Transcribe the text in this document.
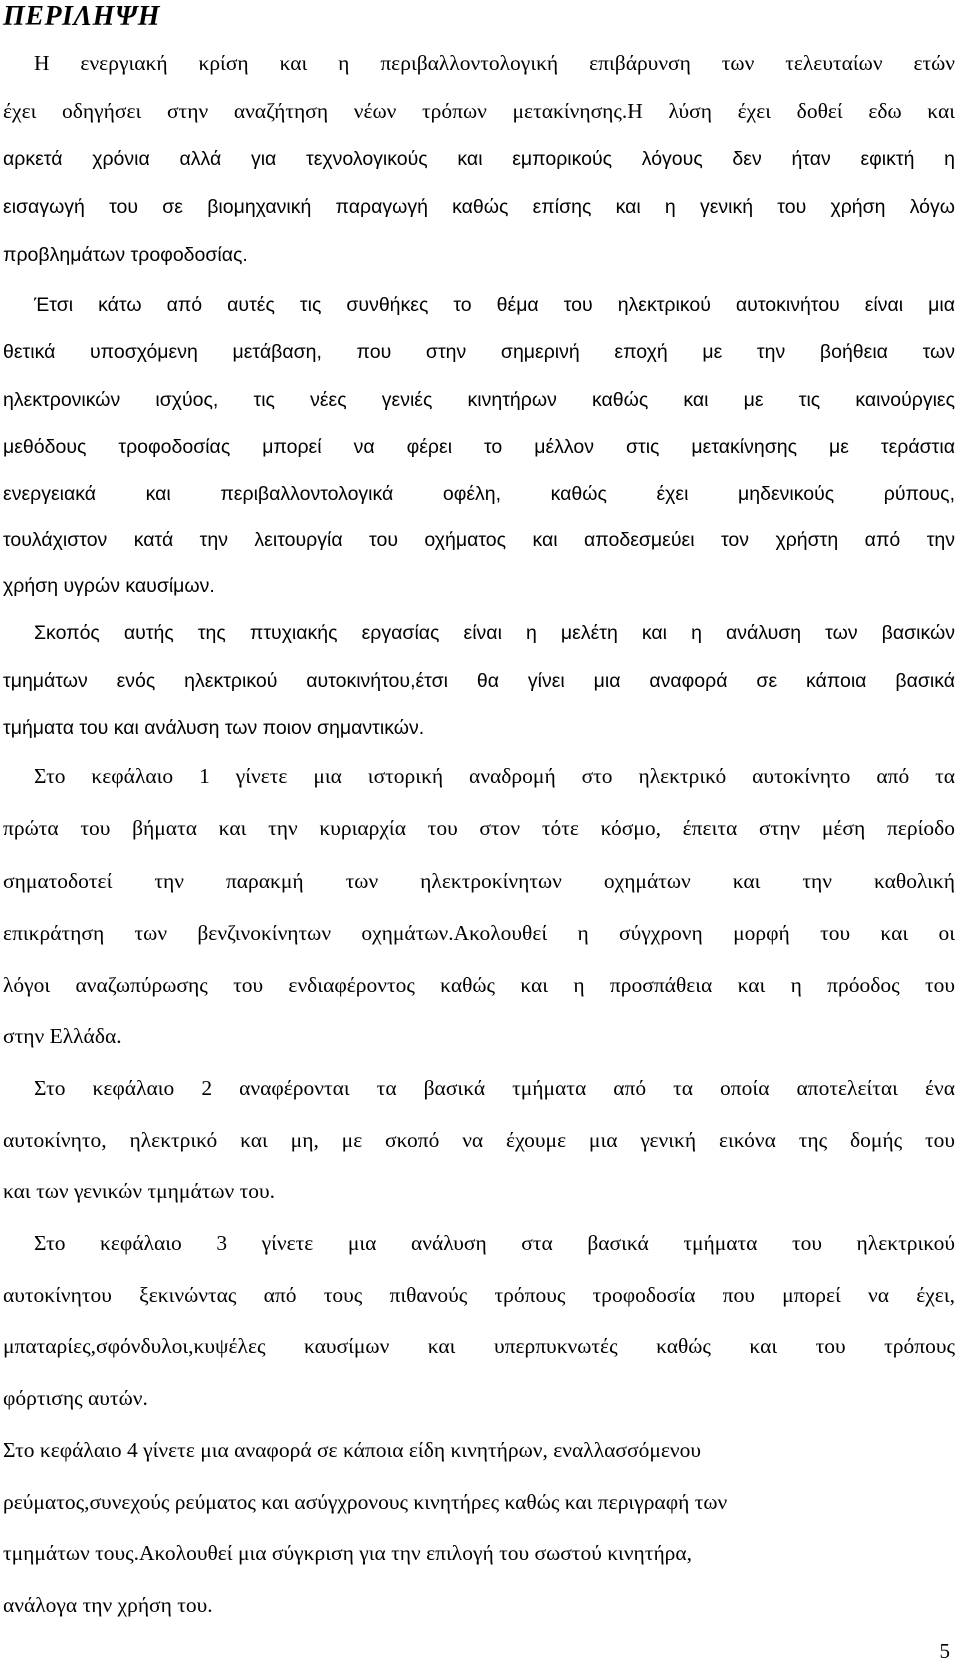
ΠΕΡΙΛΗΨΗ

Η ενεργιακή κρίση και η περιβαλλοντολογική επιβάρυνση των τελευταίων ετών

έχει οδηγήσει στην αναζήτηση νέων τρόπων μετακίνησης.Η λύση έχει δοθεί εδω και

αρκετά χρόνια αλλά για τεχνολογικούς και εμπορικούς λόγους δεν ήταν εφικτή η

εισαγωγή του σε βιομηχανική παραγωγή καθώς επίσης και η γενική του χρήση λόγω

προβλημάτων τροφοδοσίας.

Έτσι κάτω από αυτές τις συνθήκες το θέμα του ηλεκτρικού αυτοκινήτου είναι μια

θετικά υποσχόμενη μετάβαση, που στην σημερινή εποχή με την βοήθεια των

ηλεκτρονικών ισχύος, τις νέες γενιές κινητήρων καθώς και με τις καινούργιες

μεθόδους τροφοδοσίας μπορεί να φέρει το μέλλον στις μετακίνησης με τεράστια

ενεργειακά και περιβαλλοντολογικά οφέλη, καθώς έχει μηδενικούς ρύπους,

τουλάχιστον κατά την λειτουργία του οχήματος και αποδεσμεύει τον χρήστη από την

χρήση υγρών καυσίμων.

Σκοπός αυτής της πτυχιακής εργασίας είναι η μελέτη και η ανάλυση των βασικών

τμημάτων ενός ηλεκτρικού αυτοκινήτου,έτσι θα γίνει μια αναφορά σε κάποια βασικά

τμήματα του και ανάλυση των ποιον σημαντικών.

Στο κεφάλαιο 1 γίνετε μια ιστορική αναδρομή στο ηλεκτρικό αυτοκίνητο από τα

πρώτα του βήματα και την κυριαρχία του στον τότε κόσμο, έπειτα στην μέση περίοδο

σηματοδοτεί την παρακμή των ηλεκτροκίνητων οχημάτων και την καθολική

επικράτηση των βενζινοκίνητων οχημάτων.Ακολουθεί η σύγχρονη μορφή του και οι

λόγοι αναζωπύρωσης του ενδιαφέροντος καθώς και η προσπάθεια και η πρόοδος του

στην Ελλάδα.

Στο κεφάλαιο 2 αναφέρονται τα βασικά τμήματα από τα οποία αποτελείται ένα

αυτοκίνητο, ηλεκτρικό και μη, με σκοπό να έχουμε μια γενική εικόνα της δομής του

και των γενικών τμημάτων του.

Στο κεφάλαιο 3 γίνετε μια ανάλυση στα βασικά τμήματα του ηλεκτρικού

αυτοκίνητου ξεκινώντας από τους πιθανούς τρόπους τροφοδοσία που μπορεί να έχει,

μπαταρίες,σφόνδυλοι,κυψέλες καυσίμων και υπερπυκνωτές καθώς και του τρόπους

φόρτισης αυτών.

Στο κεφάλαιο 4 γίνετε μια αναφορά σε κάποια είδη κινητήρων, εναλλασσόμενου

ρεύματος,συνεχούς ρεύματος και ασύγχρονους κινητήρες καθώς και περιγραφή των

τμημάτων τους.Ακολουθεί μια σύγκριση για την επιλογή του σωστού κινητήρα,

ανάλογα την χρήση του.

5
